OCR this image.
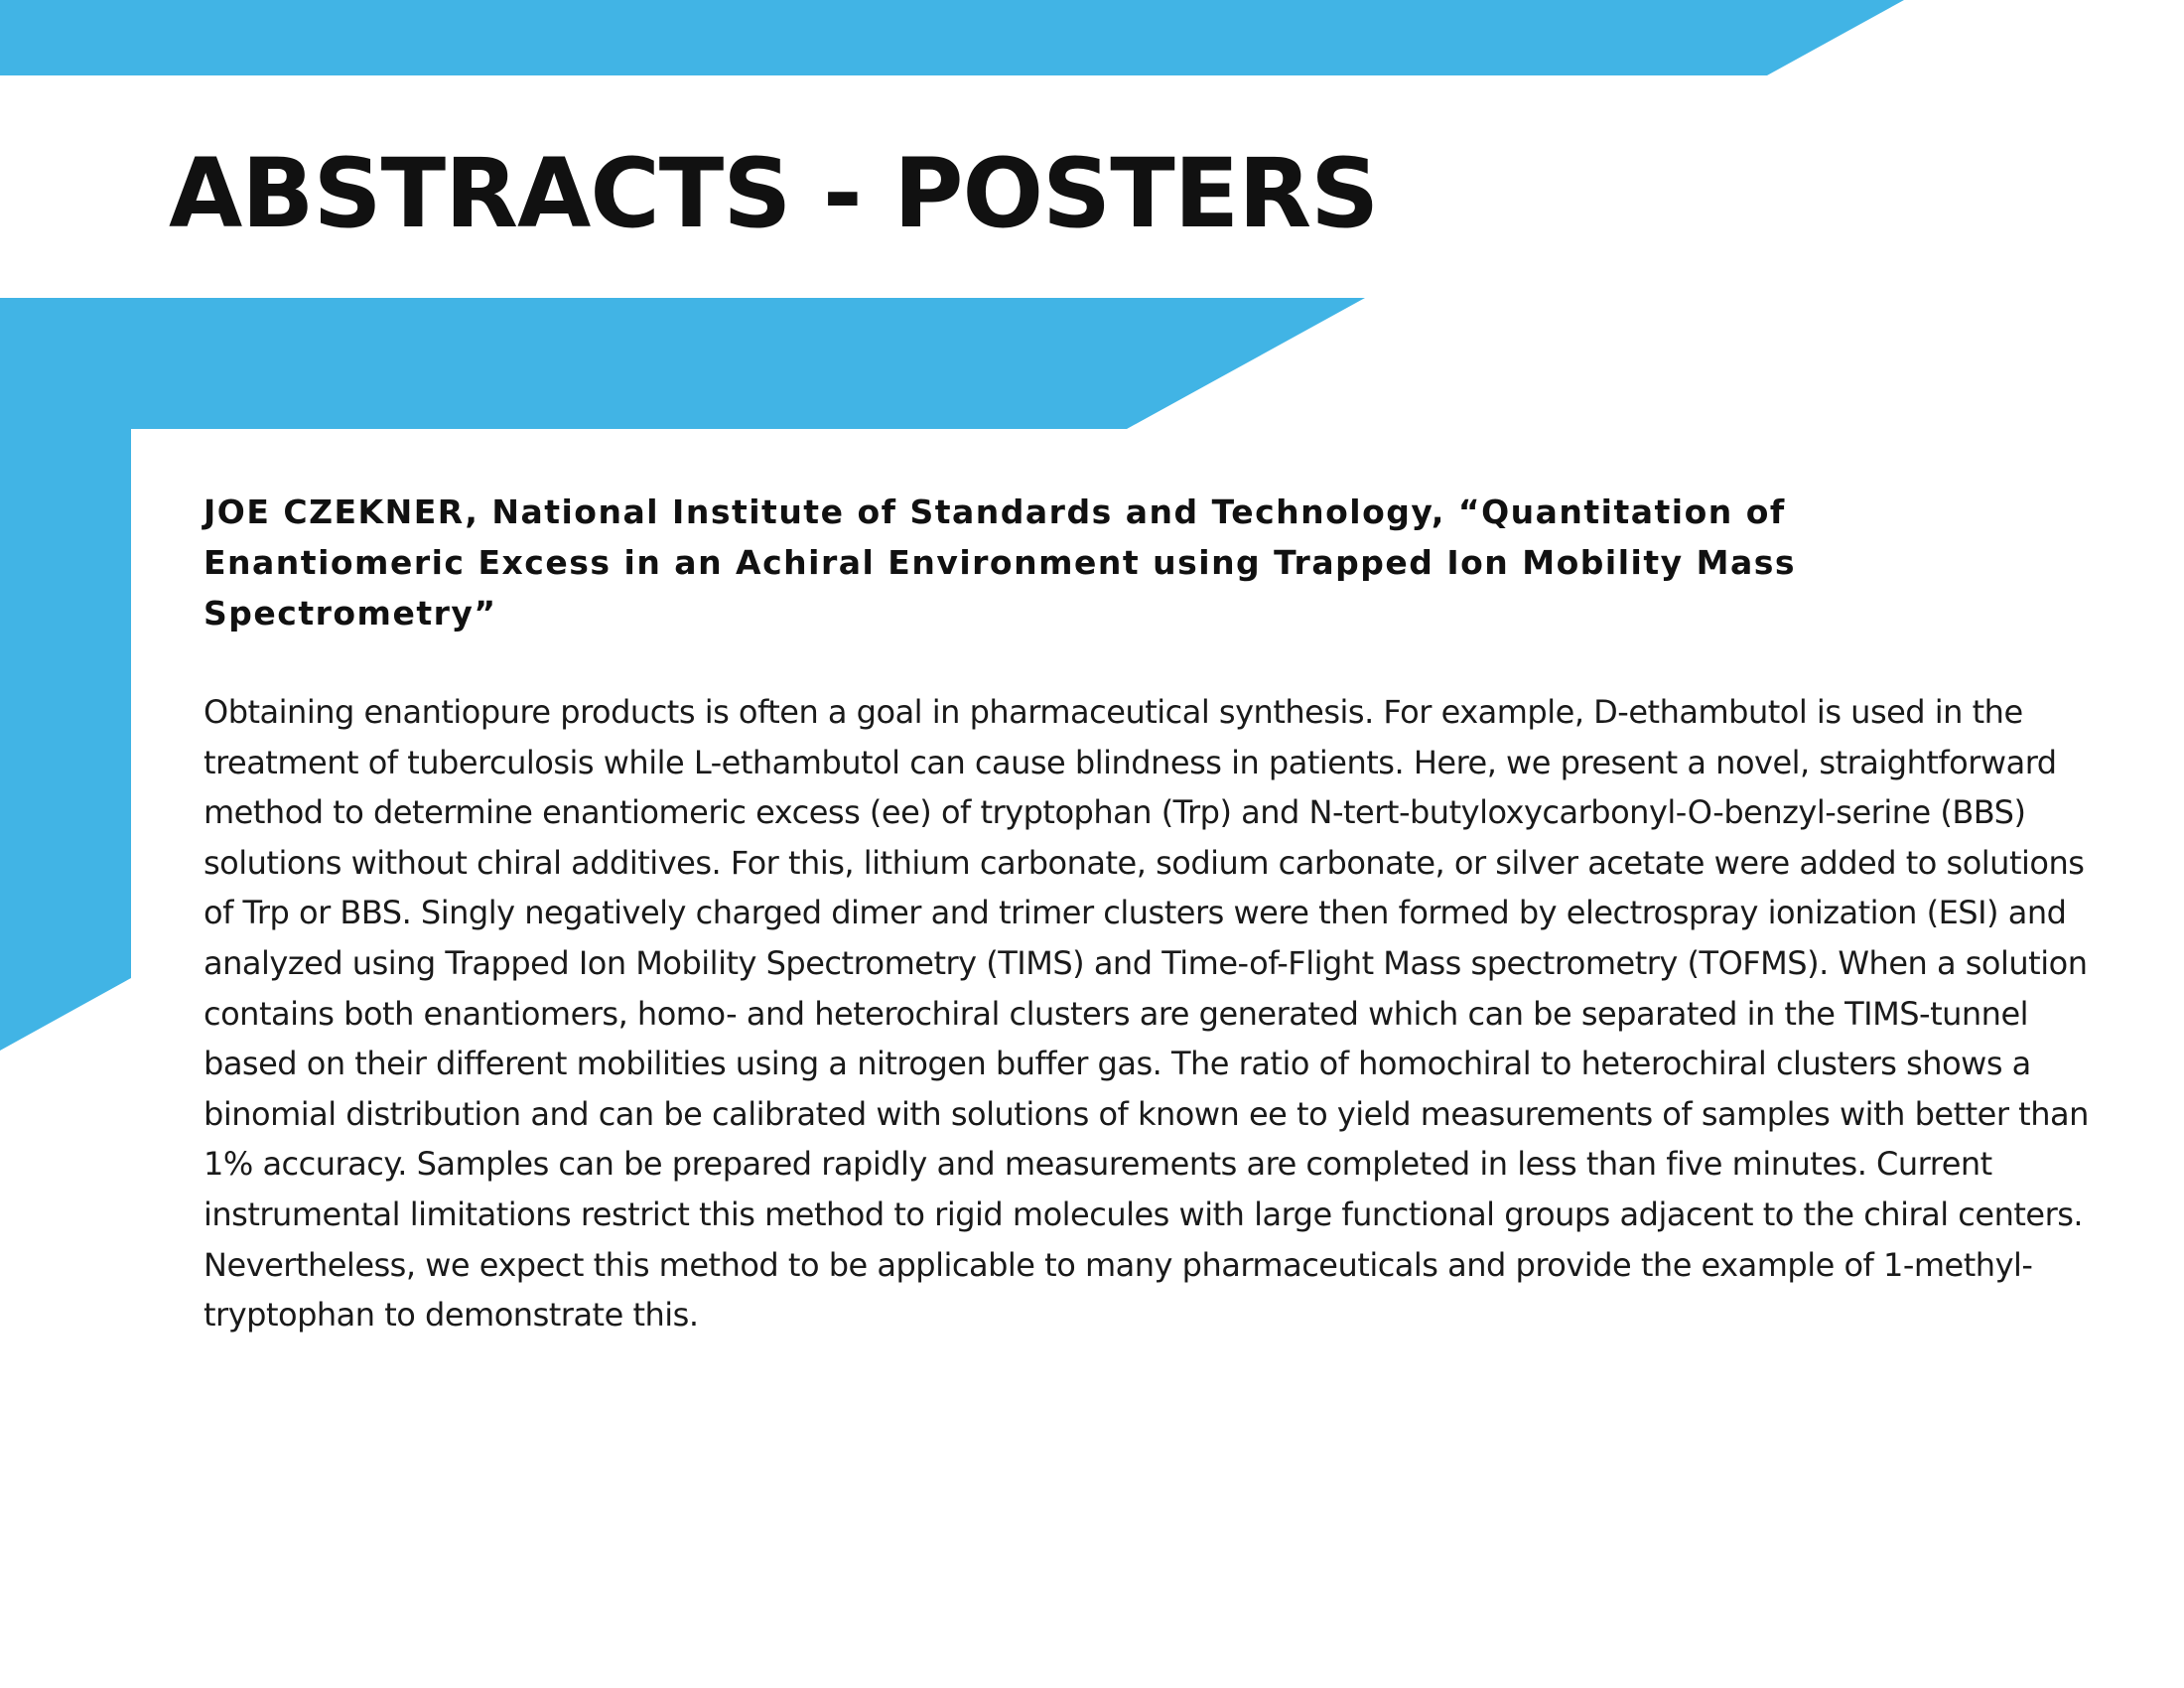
ABSTRACTS - POSTERS

JOE CZEKNER, National Institute of Standards and Technology, “Quantitation of Enantiomeric Excess in an Achiral Environment using Trapped Ion Mobility Mass Spectrometry”

Obtaining enantiopure products is often a goal in pharmaceutical synthesis. For example, D-ethambutol is used in the treatment of tuberculosis while L-ethambutol can cause blindness in patients. Here, we present a novel, straightforward method to determine enantiomeric excess (ee) of tryptophan (Trp) and N-tert-butyloxycarbonyl-O-benzyl-serine (BBS) solutions without chiral additives. For this, lithium carbonate, sodium carbonate, or silver acetate were added to solutions of Trp or BBS. Singly negatively charged dimer and trimer clusters were then formed by electrospray ionization (ESI) and analyzed using Trapped Ion Mobility Spectrometry (TIMS) and Time-of-Flight Mass spectrometry (TOFMS). When a solution contains both enantiomers, homo- and heterochiral clusters are generated which can be separated in the TIMS-tunnel based on their different mobilities using a nitrogen buffer gas. The ratio of homochiral to heterochiral clusters shows a binomial distribution and can be calibrated with solutions of known ee to yield measurements of samples with better than 1% accuracy. Samples can be prepared rapidly and measurements are completed in less than five minutes. Current instrumental limitations restrict this method to rigid molecules with large functional groups adjacent to the chiral centers. Nevertheless, we expect this method to be applicable to many pharmaceuticals and provide the example of 1-methyl-tryptophan to demonstrate this.
